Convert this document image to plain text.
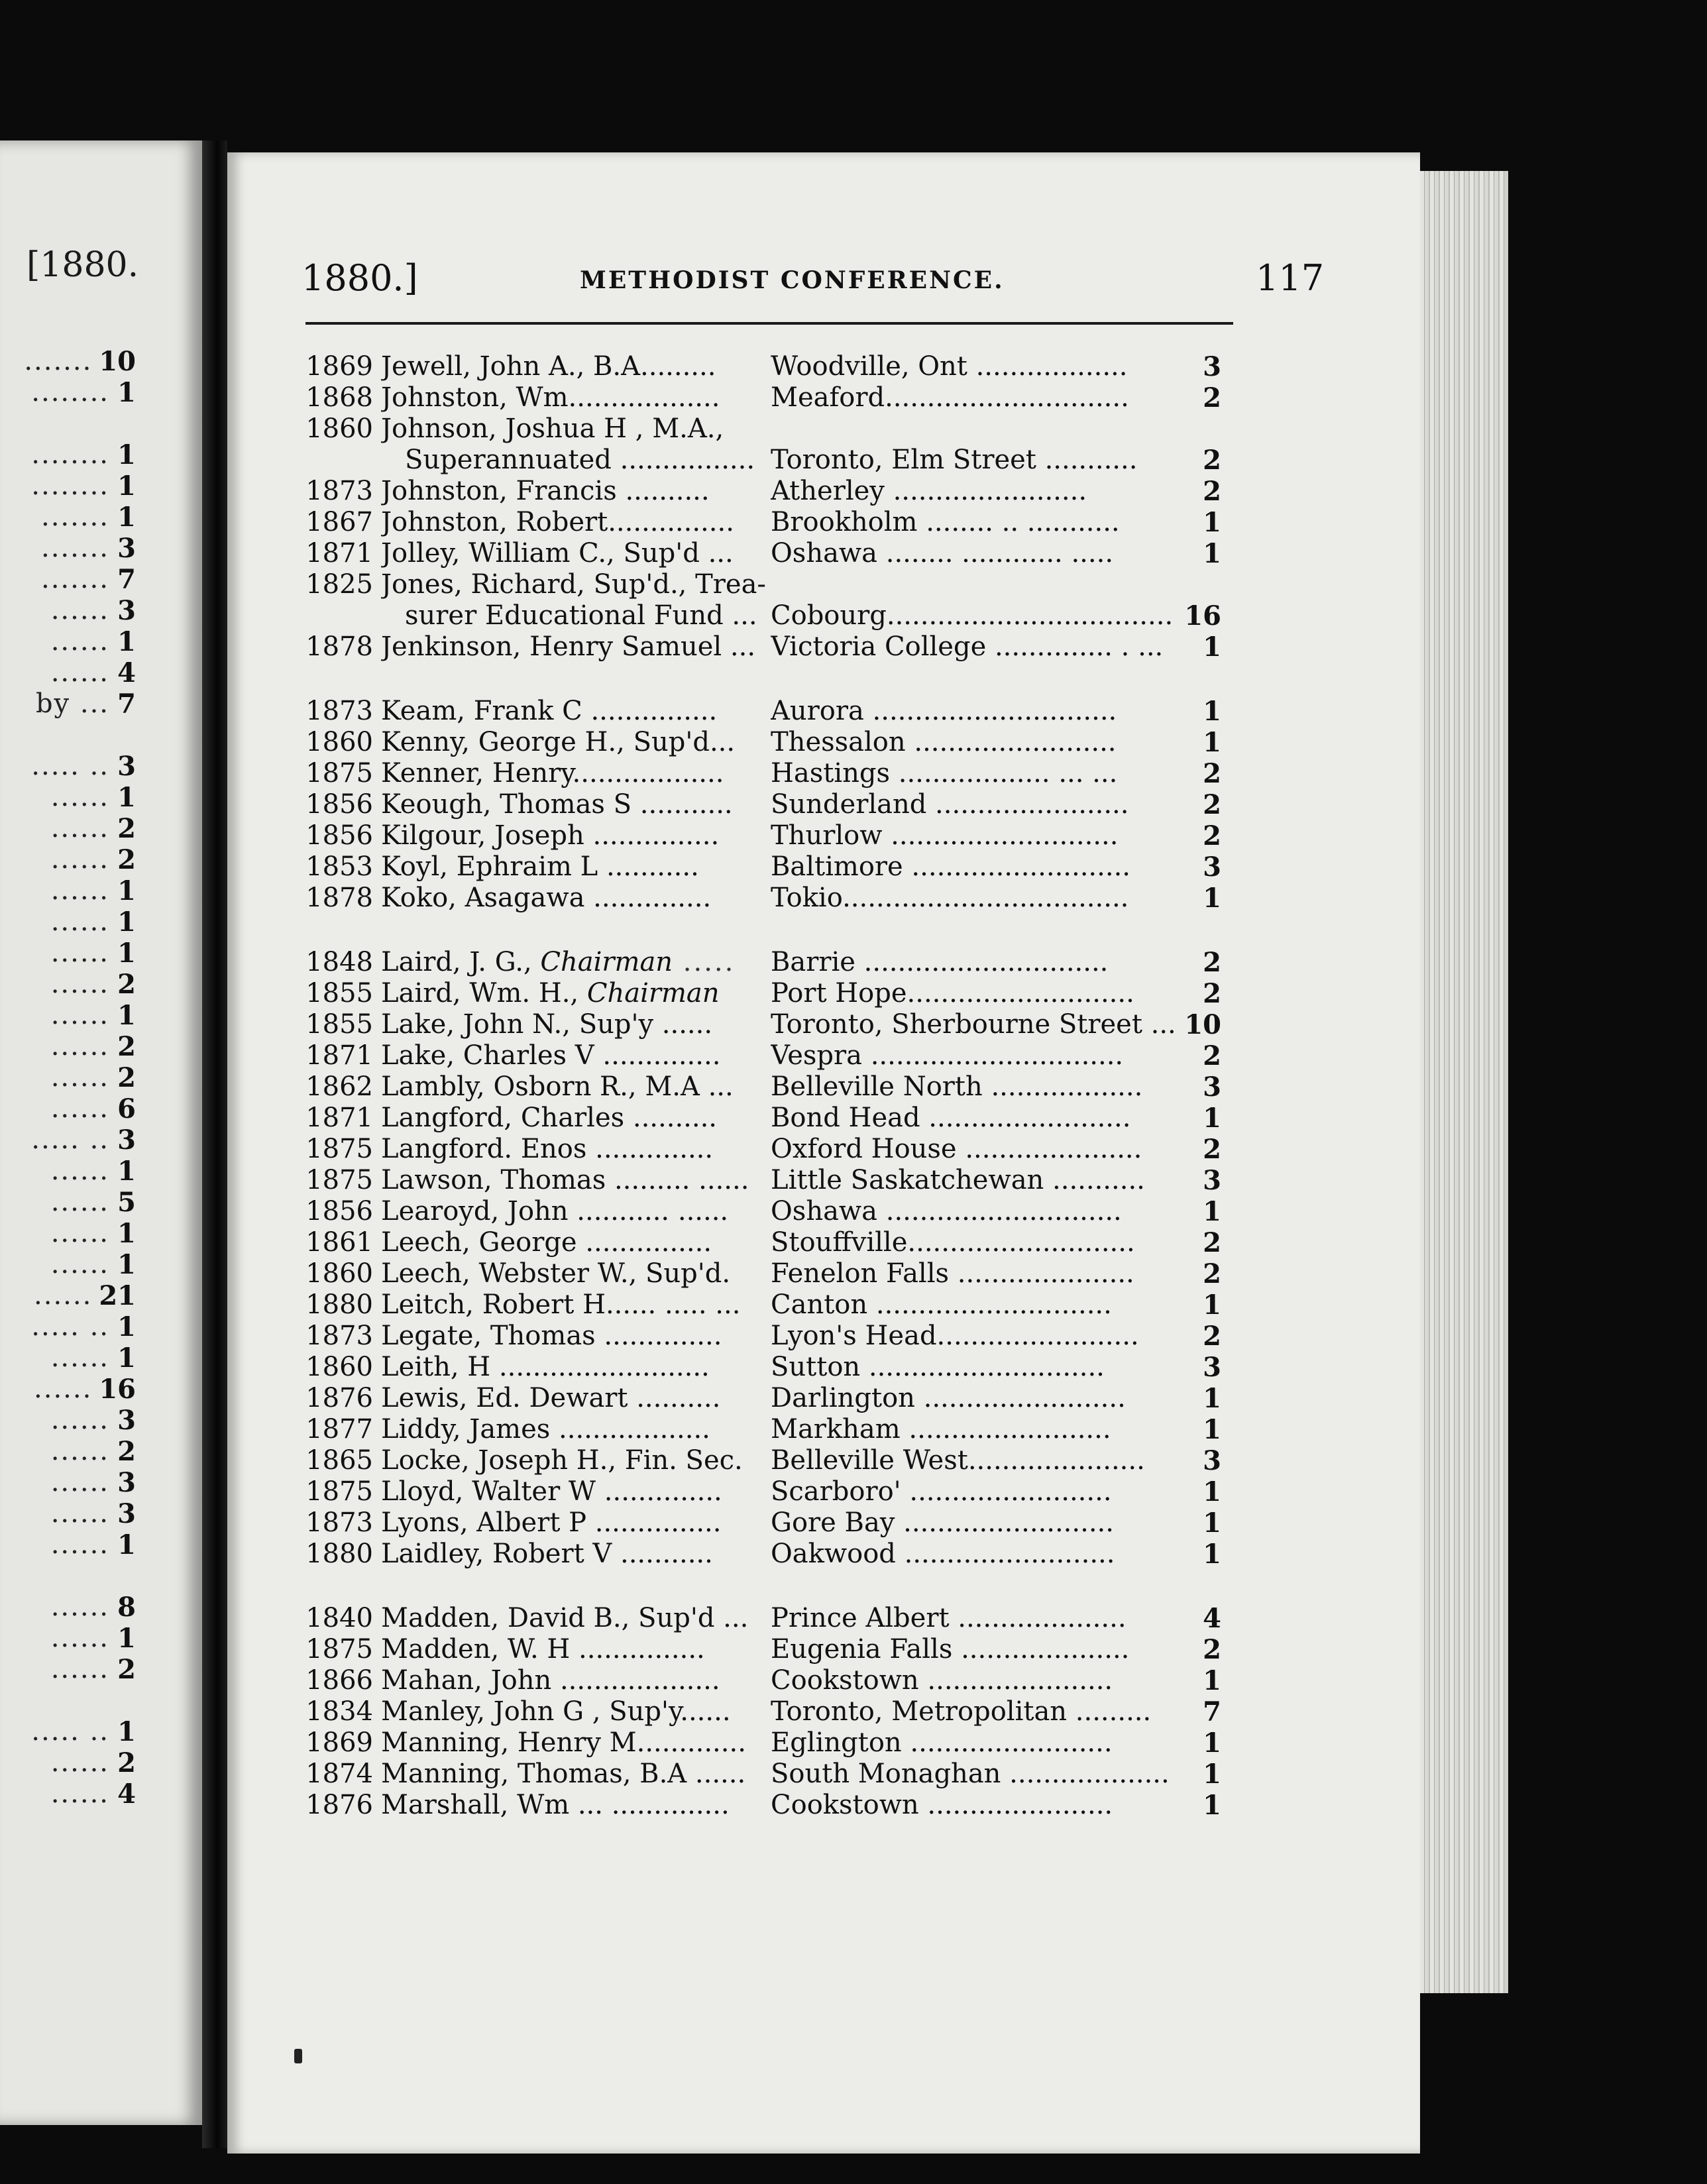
[1880.
....... 10
........ 1
........ 1
........ 1
....... 1
....... 3
....... 7
...... 3
...... 1
...... 4
by ... 7
..... .. 3
...... 1
...... 2
...... 2
...... 1
...... 1
...... 1
...... 2
...... 1
...... 2
...... 2
...... 6
..... .. 3
...... 1
...... 5
...... 1
...... 1
...... 21
..... .. 1
...... 1
...... 16
...... 3
...... 2
...... 3
...... 3
...... 1
...... 8
...... 1
...... 2
..... .. 1
...... 2
...... 4
1880.]	METHODIST CONFERENCE.	117
1869 Jewell, John A., B.A.........	Woodville, Ont ..................	3
1868 Johnston, Wm..................	Meaford.............................	2
1860 Johnson, Joshua H , M.A.,
Superannuated ................ Toronto, Elm Street ...........	2
1873 Johnston, Francis ..........	Atherley .......................	2
1867 Johnston, Robert...............	Brookholm ........ .. ...........	1
1871 Jolley, William C., Sup'd ...	Oshawa ........ ............ .....	1
1825 Jones, Richard, Sup'd., Trea-
surer Educational Fund ... Cobourg.................................. 16
1878 Jenkinson, Henry Samuel ... Victoria College .............. . ...	1
1873 Keam, Frank C ...............	Aurora .............................	1
1860 Kenny, George H., Sup'd...	Thessalon ........................	1
1875 Kenner, Henry..................	Hastings .................. ... ...	2
1856 Keough, Thomas S ...........	Sunderland .......................	2
1856 Kilgour, Joseph ...............	Thurlow ...........................	2
1853 Koyl, Ephraim L ...........	Baltimore ..........................	3
1878 Koko, Asagawa ..............	Tokio..................................	1
1848 Laird, J. G., Chairman .....	Barrie .............................	2
1855 Laird, Wm. H., Chairman	Port Hope...........................	2
1855 Lake, John N., Sup'y ......	Toronto, Sherbourne Street ... 10
1871 Lake, Charles V ..............	Vespra ..............................	2
1862 Lambly, Osborn R., M.A ...	Belleville North ..................	3
1871 Langford, Charles ..........	Bond Head ........................	1
1875 Langford. Enos ..............	Oxford House .....................	2
1875 Lawson, Thomas ......... ...... Little Saskatchewan ...........	3
1856 Learoyd, John ........... ......	Oshawa ............................	1
1861 Leech, George ...............	Stouffville...........................	2
1860 Leech, Webster W., Sup'd.	Fenelon Falls .....................	2
1880 Leitch, Robert H...... ..... ...	Canton ............................	1
1873 Legate, Thomas ..............	Lyon's Head........................	2
1860 Leith, H .........................	Sutton ............................	3
1876 Lewis, Ed. Dewart ..........	Darlington ........................	1
1877 Liddy, James ..................	Markham ........................	1
1865 Locke, Joseph H., Fin. Sec.	Belleville West.....................	3
1875 Lloyd, Walter W ..............	Scarboro' ........................	1
1873 Lyons, Albert P ...............	Gore Bay .........................	1
1880 Laidley, Robert V ...........	Oakwood .........................	1
1840 Madden, David B., Sup'd ... Prince Albert ....................	4
1875 Madden, W. H ...............	Eugenia Falls ....................	2
1866 Mahan, John ...................	Cookstown ......................	1
1834 Manley, John G , Sup'y......	Toronto, Metropolitan .........	7
1869 Manning, Henry M............. Eglington ........................	1
1874 Manning, Thomas, B.A ...... South Monaghan ...................	1
1876 Marshall, Wm ... ..............	Cookstown ......................	1
